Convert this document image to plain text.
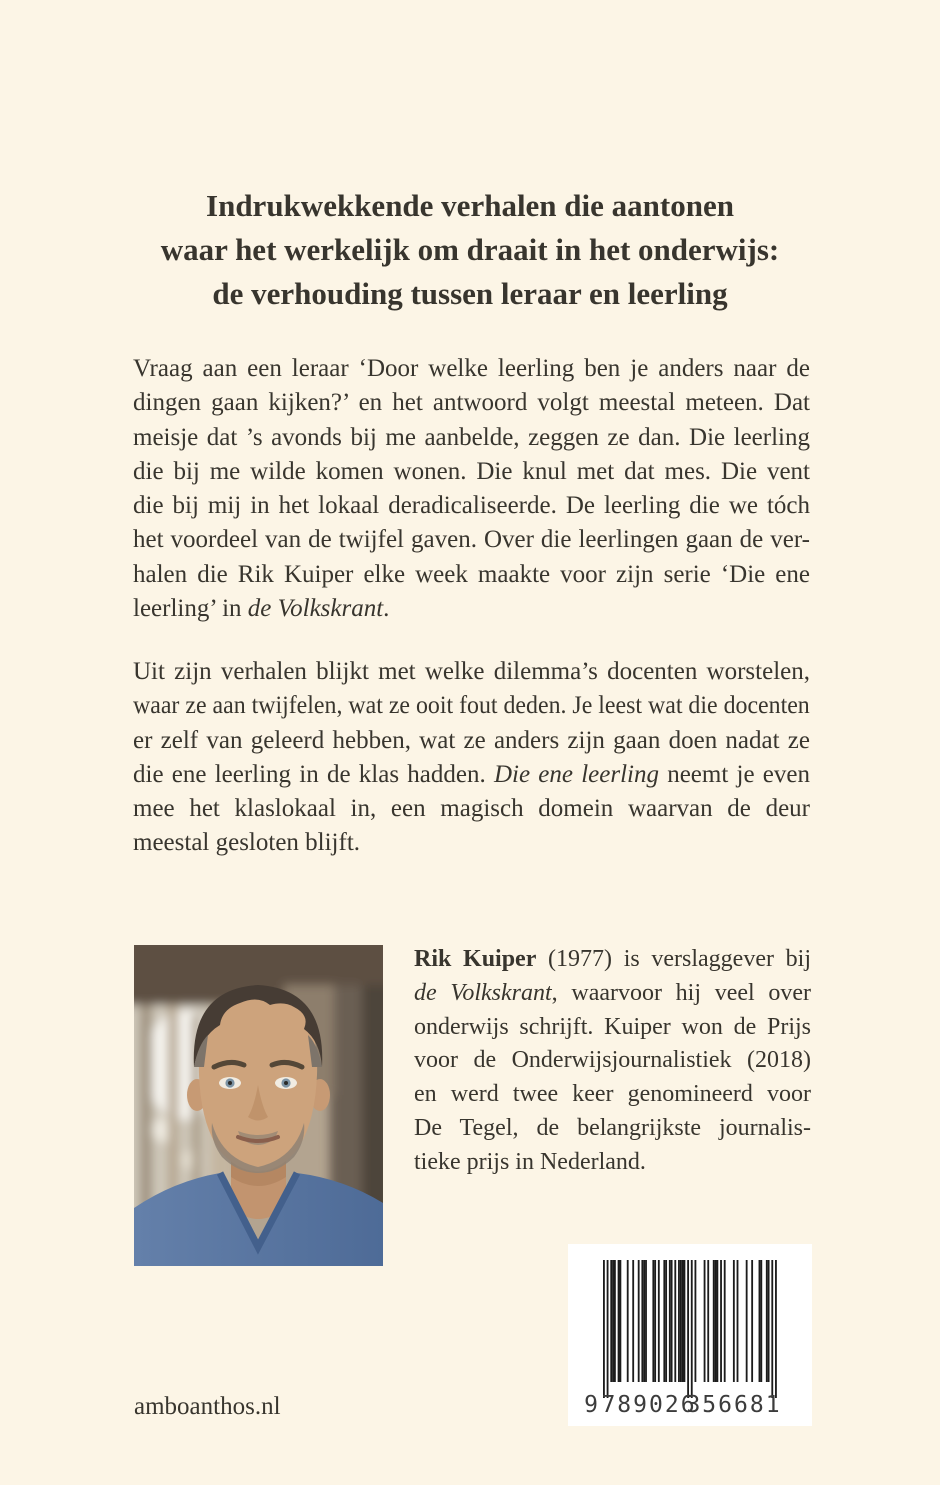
Indrukwekkende verhalen die aantonen
waar het werkelijk om draait in het onderwijs:
de verhouding tussen leraar en leerling
Vraag aan een leraar ‘Door welke leerling ben je anders naar de
dingen gaan kijken?’ en het antwoord volgt meestal meteen. Dat
meisje dat ’s avonds bij me aanbelde, zeggen ze dan. Die leerling
die bij me wilde komen wonen. Die knul met dat mes. Die vent
die bij mij in het lokaal deradicaliseerde. De leerling die we tóch
het voordeel van de twijfel gaven. Over die leerlingen gaan de ver-
halen die Rik Kuiper elke week maakte voor zijn serie ‘Die ene
leerling’ in de Volkskrant.
Uit zijn verhalen blijkt met welke dilemma’s docenten worstelen,
waar ze aan twijfelen, wat ze ooit fout deden. Je leest wat die docenten
er zelf van geleerd hebben, wat ze anders zijn gaan doen nadat ze
die ene leerling in de klas hadden. Die ene leerling neemt je even
mee het klaslokaal in, een magisch domein waarvan de deur
meestal gesloten blijft.
Rik Kuiper (1977) is verslaggever bij
de Volkskrant, waarvoor hij veel over
onderwijs schrijft. Kuiper won de Prijs
voor de Onderwijsjournalistiek (2018)
en werd twee keer genomineerd voor
De Tegel, de belangrijkste journalis-
tieke prijs in Nederland.
9 789026
356681
amboanthos.nl
